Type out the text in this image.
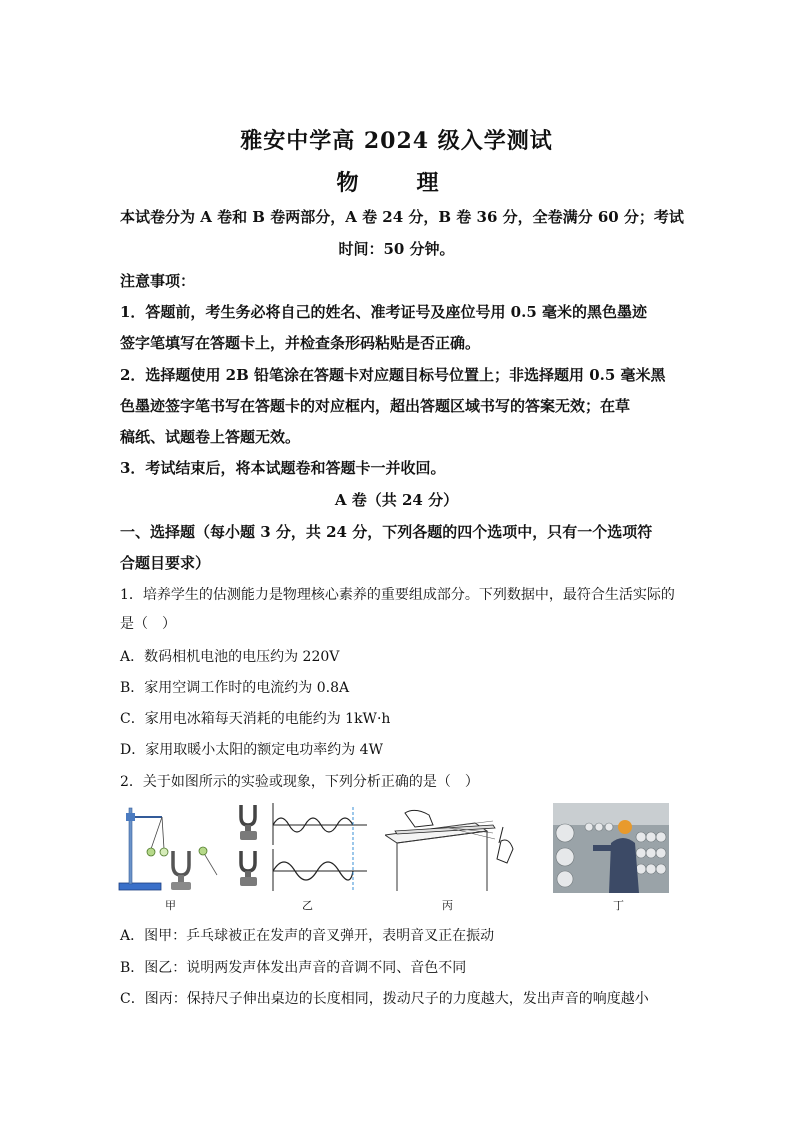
雅安中学高 2024 级入学测试
物　理
本试卷分为 A 卷和 B 卷两部分，A 卷 24 分，B 卷 36 分，全卷满分 60 分；考试
时间：50 分钟。
注意事项：
1．答题前，考生务必将自己的姓名、准考证号及座位号用 0.5 毫米的黑色墨迹
签字笔填写在答题卡上，并检查条形码粘贴是否正确。
2．选择题使用 2B 铅笔涂在答题卡对应题目标号位置上；非选择题用 0.5 毫米黑
色墨迹签字笔书写在答题卡的对应框内，超出答题区域书写的答案无效；在草
稿纸、试题卷上答题无效。
3．考试结束后，将本试题卷和答题卡一并收回。
A 卷（共 24 分）
一、选择题（每小题 3 分，共 24 分，下列各题的四个选项中，只有一个选项符
合题目要求）
1．培养学生的估测能力是物理核心素养的重要组成部分。下列数据中，最符合生活实际的
是（　）
A．数码相机电池的电压约为 220V
B．家用空调工作时的电流约为 0.8A
C．家用电冰箱每天消耗的电能约为 1kW·h
D．家用取暖小太阳的额定电功率约为 4W
2．关于如图所示的实验或现象，下列分析正确的是（　）
甲	乙	丙	丁
A．图甲：乒乓球被正在发声的音叉弹开，表明音叉正在振动
B．图乙：说明两发声体发出声音的音调不同、音色不同
C．图丙：保持尺子伸出桌边的长度相同，拨动尺子的力度越大，发出声音的响度越小
